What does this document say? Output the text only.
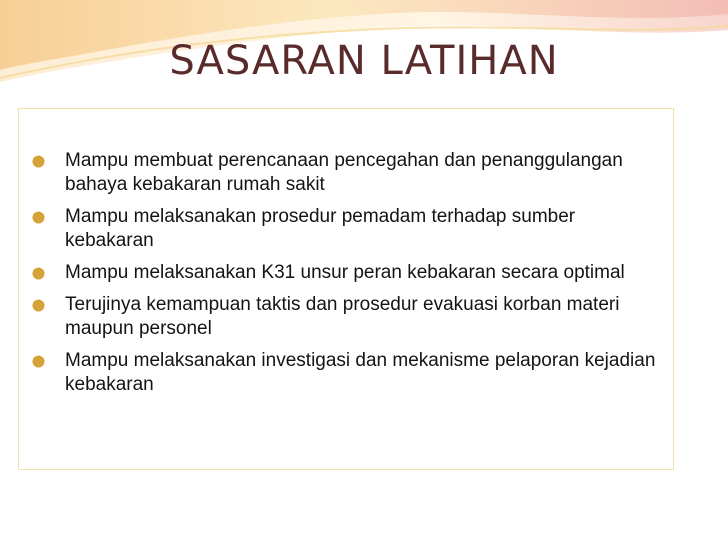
SASARAN LATIHAN
Mampu membuat perencanaan pencegahan dan penanggulangan bahaya kebakaran rumah sakit
Mampu melaksanakan prosedur pemadam terhadap sumber kebakaran
Mampu melaksanakan K31 unsur peran kebakaran secara optimal
Terujinya kemampuan taktis dan prosedur evakuasi korban materi maupun personel
Mampu melaksanakan investigasi dan mekanisme pelaporan kejadian kebakaran
